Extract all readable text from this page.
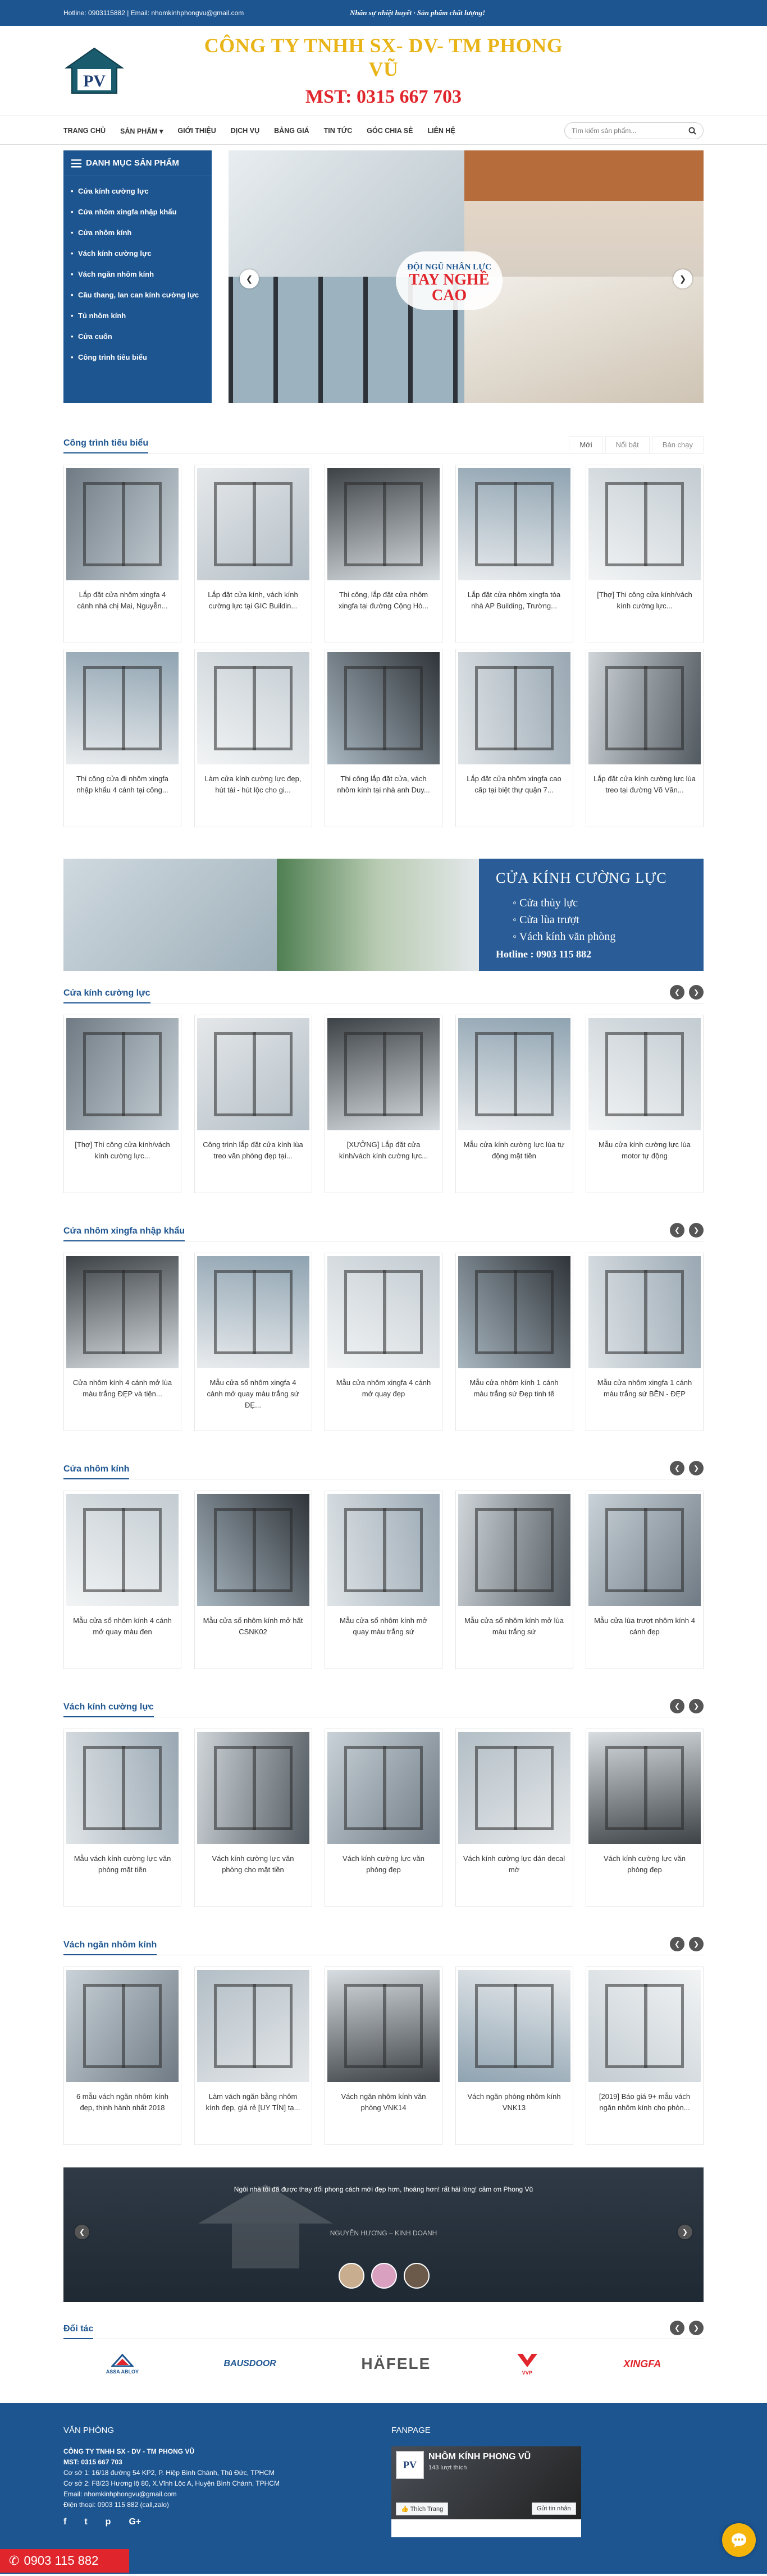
Hotline: 0903115882 | Email: nhomkinhphongvu@gmail.com	Nhân sự nhiệt huyết · Sản phẩm chất lượng!
PV
CÔNG TY TNHH SX- DV- TM PHONG VŨ
MST: 0315 667 703
TRANG CHỦ SẢN PHẨM ▾ GIỚI THIỆU DỊCH VỤ BẢNG GIÁ TIN TỨC GÓC CHIA SẺ LIÊN HỆ
Tìm kiếm sản phẩm...
DANH MỤC SẢN PHẨM
• Cửa kính cường lực
• Cửa nhôm xingfa nhập khẩu
• Cửa nhôm kính
• Vách kính cường lực
• Vách ngăn nhôm kính
• Cầu thang, lan can kính cường lực
• Tủ nhôm kính
• Cửa cuốn
• Công trình tiêu biểu
ĐỘI NGŨ NHÂN LỰC
TAY NGHỀ
CAO
❮	❯
Công trình tiêu biểu	Mới	Nổi bật	Bán chạy
Lắp đặt cửa nhôm xingfa 4 cánh nhà chị Mai, Nguyễn...
Lắp đặt cửa kính, vách kính cường lực tại GIC Buildin...
Thi công, lắp đặt cửa nhôm xingfa tại đường Cộng Hò...
Lắp đặt cửa nhôm xingfa tòa nhà AP Building, Trường...
[Thợ] Thi công cửa kính/vách kính cường lực...
Thi công cửa đi nhôm xingfa nhập khẩu 4 cánh tại công...
Làm cửa kính cường lực đẹp, hút tài - hút lộc cho gi...
Thi công lắp đặt cửa, vách nhôm kính tại nhà anh Duy...
Lắp đặt cửa nhôm xingfa cao cấp tại biệt thự quận 7...
Lắp đặt cửa kính cường lực lùa treo tại đường Võ Văn...
CỬA KÍNH CƯỜNG LỰC
◦ Cửa thủy lực
◦ Cửa lùa trượt
◦ Vách kính văn phòng
Hotline : 0903 115 882
Cửa kính cường lực	❮	❯
[Thợ] Thi công cửa kính/vách kính cường lực...
Công trình lắp đặt cửa kính lùa treo văn phòng đẹp tại...
[XƯỞNG] Lắp đặt cửa kính/vách kính cường lực...
Mẫu cửa kính cường lực lùa tự động mặt tiền
Mẫu cửa kính cường lực lùa motor tự động
Cửa nhôm xingfa nhập khẩu	❮	❯
Cửa nhôm kính 4 cánh mở lùa màu trắng ĐẸP và tiện...
Mẫu cửa sổ nhôm xingfa 4 cánh mở quay màu trắng sứ ĐẸ...
Mẫu cửa nhôm xingfa 4 cánh mở quay đẹp
Mẫu cửa nhôm kính 1 cánh màu trắng sứ Đẹp tinh tế
Mẫu cửa nhôm xingfa 1 cánh màu trắng sứ BỀN - ĐẸP
Cửa nhôm kính	❮	❯
Mẫu cửa sổ nhôm kính 4 cánh mở quay màu đen
Mẫu cửa sổ nhôm kính mở hất CSNK02
Mẫu cửa sổ nhôm kính mở quay màu trắng sứ
Mẫu cửa sổ nhôm kính mở lùa màu trắng sứ
Mẫu cửa lùa trượt nhôm kính 4 cánh đẹp
Vách kính cường lực	❮	❯
Mẫu vách kính cường lực văn phòng mặt tiền
Vách kính cường lực văn phòng cho mặt tiền
Vách kính cường lực văn phòng đẹp
Vách kính cường lực dán decal mờ
Vách kính cường lực văn phòng đẹp
Vách ngăn nhôm kính	❮	❯
6 mẫu vách ngăn nhôm kính đẹp, thịnh hành nhất 2018
Làm vách ngăn bằng nhôm kính đẹp, giá rẻ [UY TÍN] tạ...
Vách ngăn nhôm kính văn phòng VNK14
Vách ngăn phòng nhôm kính VNK13
[2019] Báo giá 9+ mẫu vách ngăn nhôm kính cho phòn...
Ngôi nhà tôi đã được thay đổi phong cách mới đẹp hơn, thoáng hơn! rất hài lòng! cảm ơn Phong Vũ
NGUYỄN HƯƠNG – KINH DOANH
❮	❯
Đối tác	❮	❯
ASSA ABLOY
BAUSDOOR	HÄFELE
VVP
XINGFA
VĂN PHÒNG

CÔNG TY TNHH SX - DV - TM PHONG VŨ

MST: 0315 667 703

Cơ sở 1: 16/18 đường 54 KP2, P. Hiệp Bình Chánh, Thủ Đức, TPHCM

Cơ sở 2: F8/23 Hương lộ 80, X.Vĩnh Lộc A, Huyện Bình Chánh, TPHCM

Email: nhomkinhphongvu@gmail.com

Điện thoại: 0903 115 882 (call,zalo)

f t p G+
FANPAGE
PV
NHÔM KÍNH PHONG VŨ
143 lượt thích
👍 Thích Trang	Gửi tin nhắn
✆ 0903 115 882
